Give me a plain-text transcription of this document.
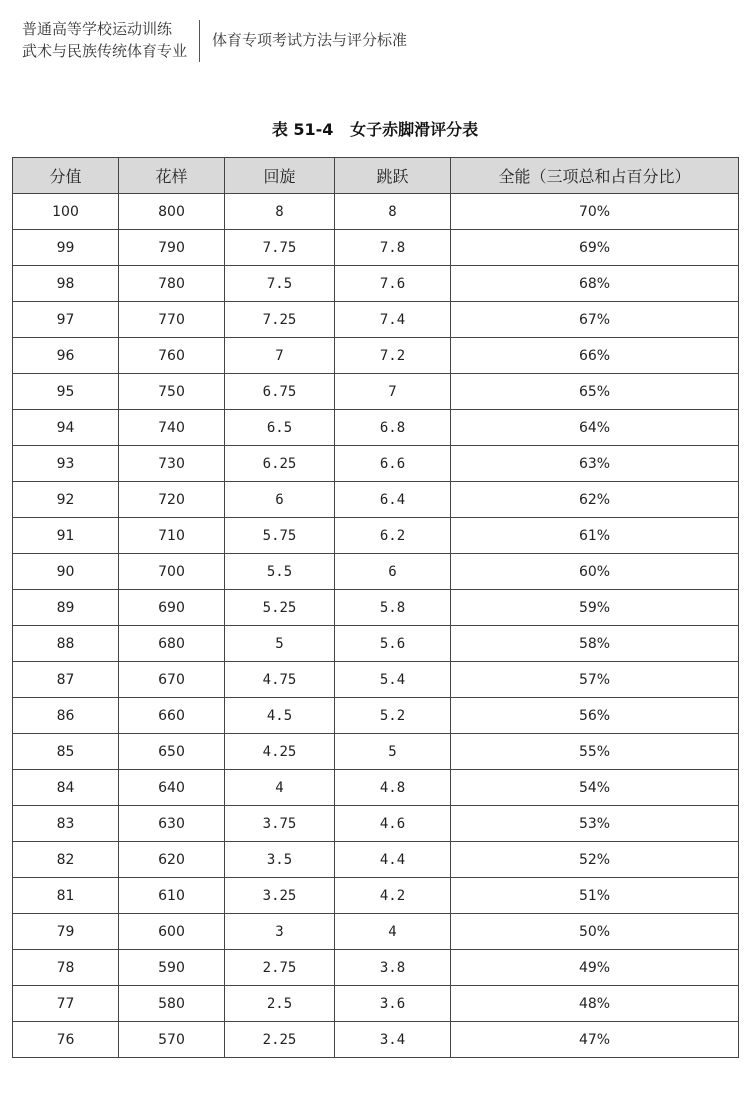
普通高等学校运动训练
武术与民族传统体育专业
体育专项考试方法与评分标准
表 51-4   女子赤脚滑评分表
分值	花样	回旋	跳跃	全能（三项总和占百分比）
100	800	8	8	70%
99	790	7.75	7.8	69%
98	780	7.5	7.6	68%
97	770	7.25	7.4	67%
96	760	7	7.2	66%
95	750	6.75	7	65%
94	740	6.5	6.8	64%
93	730	6.25	6.6	63%
92	720	6	6.4	62%
91	710	5.75	6.2	61%
90	700	5.5	6	60%
89	690	5.25	5.8	59%
88	680	5	5.6	58%
87	670	4.75	5.4	57%
86	660	4.5	5.2	56%
85	650	4.25	5	55%
84	640	4	4.8	54%
83	630	3.75	4.6	53%
82	620	3.5	4.4	52%
81	610	3.25	4.2	51%
79	600	3	4	50%
78	590	2.75	3.8	49%
77	580	2.5	3.6	48%
76	570	2.25	3.4	47%
